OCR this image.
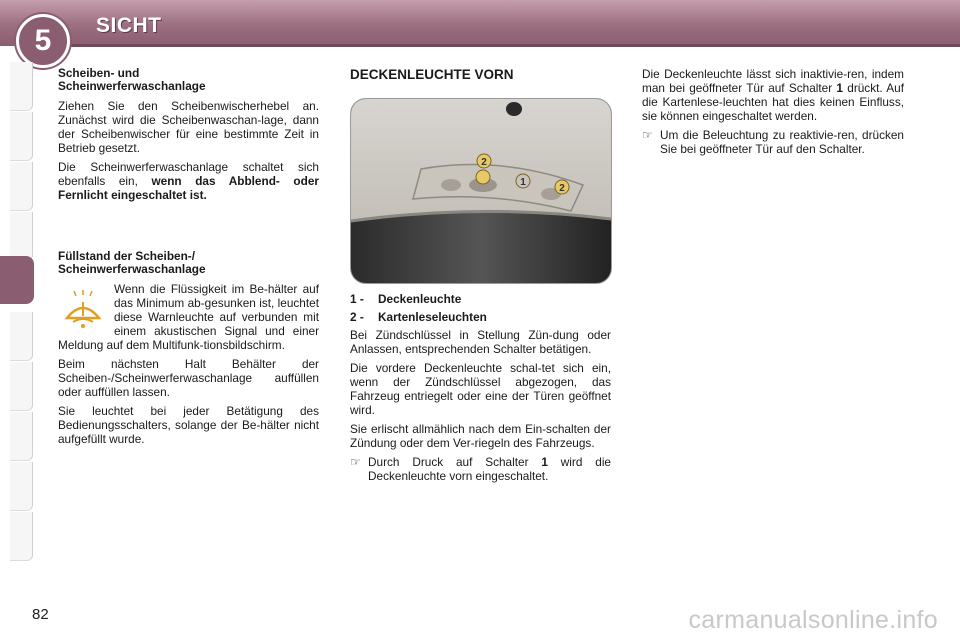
5	SICHT
Scheiben- und
Scheinwerferwaschanlage

Ziehen Sie den Scheibenwischerhebel an. Zunächst wird die Scheibenwaschan-lage, dann der Scheibenwischer für eine bestimmte Zeit in Betrieb gesetzt.

Die Scheinwerferwaschanlage schaltet sich ebenfalls ein, wenn das Abblend- oder Fernlicht eingeschaltet ist.

Füllstand der Scheiben-/
Scheinwerferwaschanlage

Wenn die Flüssigkeit im Be-hälter auf das Minimum ab-gesunken ist, leuchtet diese Warnleuchte auf verbunden mit einem akustischen Signal und einer Meldung auf dem Multifunk-tionsbildschirm.

Beim nächsten Halt Behälter der Scheiben-/Scheinwerferwaschanlage auffüllen oder auffüllen lassen.

Sie leuchtet bei jeder Betätigung des Bedienungsschalters, solange der Be-hälter nicht aufgefüllt wurde.

DECKENLEUCHTE VORN
2
1
2
1 -	Deckenleuchte
2 -	Kartenleseleuchten

Bei Zündschlüssel in Stellung Zün-dung oder Anlassen, entsprechenden Schalter betätigen.

Die vordere Deckenleuchte schal-tet sich ein, wenn der Zündschlüssel abgezogen, das Fahrzeug entriegelt oder eine der Türen geöffnet wird.

Sie erlischt allmählich nach dem Ein-schalten der Zündung oder dem Ver-riegeln des Fahrzeugs.

☞ Durch Druck auf Schalter 1 wird die Deckenleuchte vorn eingeschaltet.

Die Deckenleuchte lässt sich inaktivie-ren, indem man bei geöffneter Tür auf Schalter 1 drückt. Auf die Kartenlese-leuchten hat dies keinen Einfluss, sie können eingeschaltet werden.

☞ Um die Beleuchtung zu reaktivie-ren, drücken Sie bei geöffneter Tür auf den Schalter.
82	carmanualsonline.info
